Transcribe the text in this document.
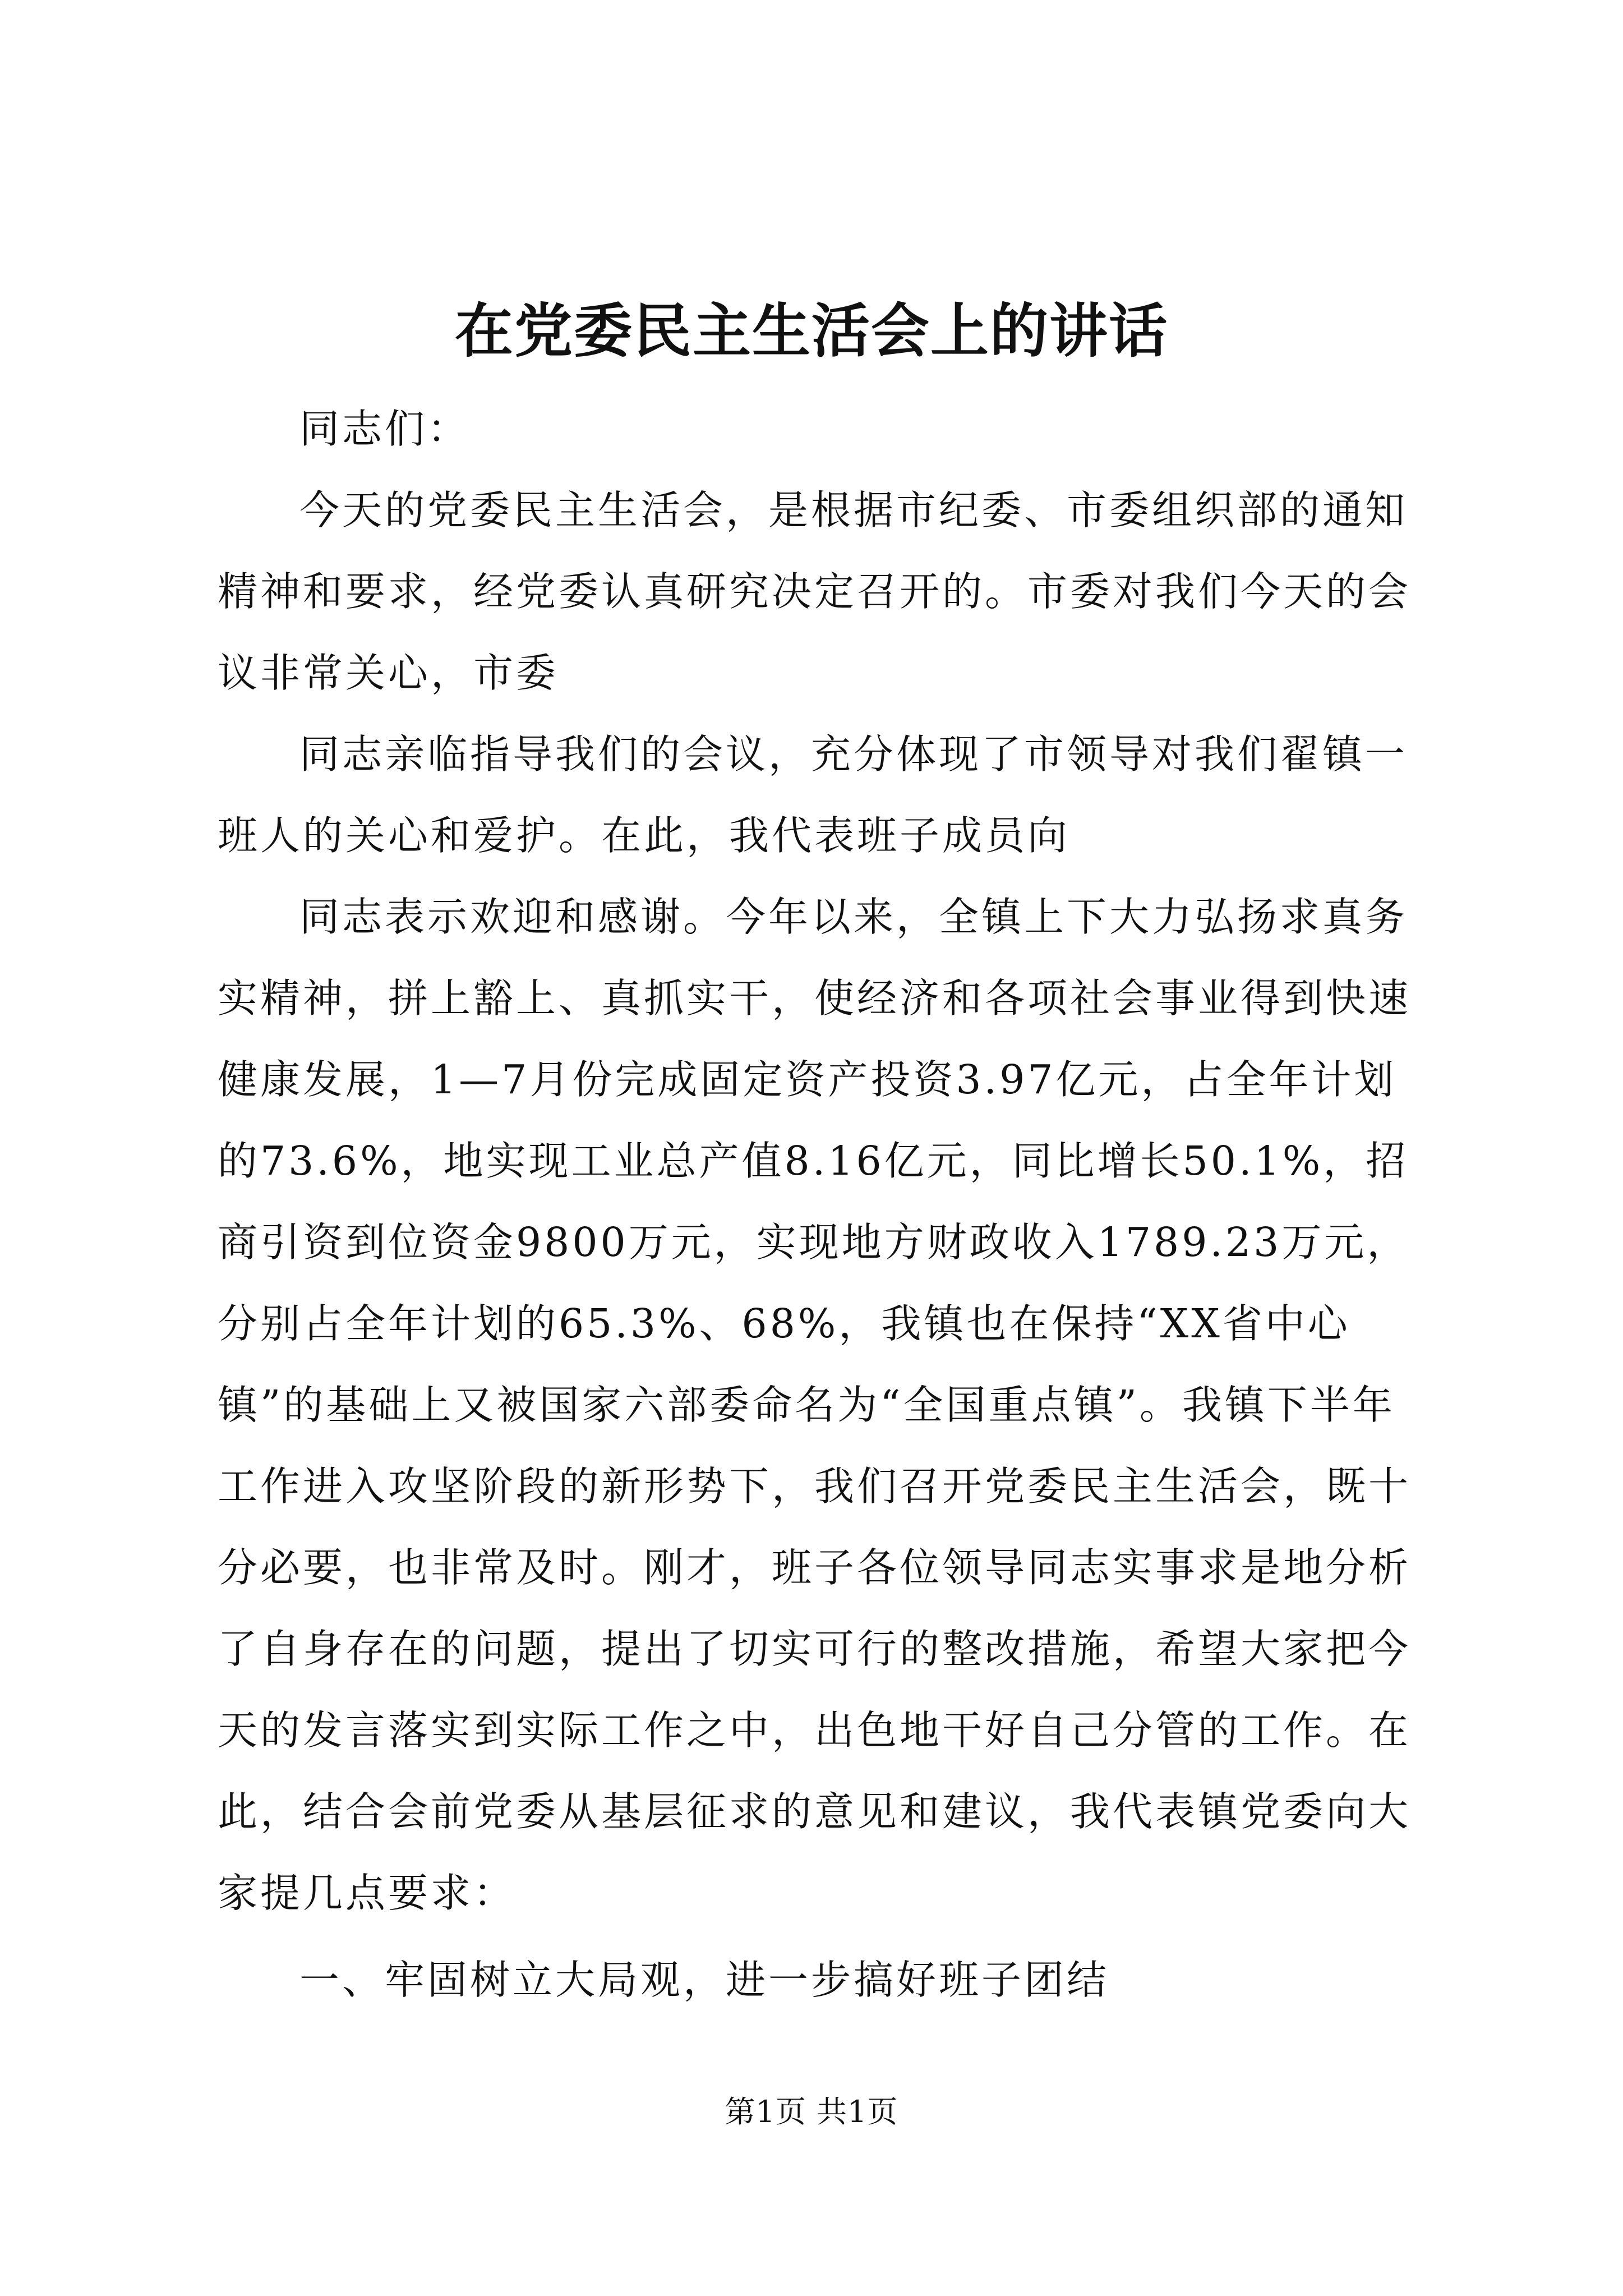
在党委民主生活会上的讲话

同志们：

今天的党委民主生活会，是根据市纪委、市委组织部的通知精神和要求，经党委认真研究决定召开的。市委对我们今天的会议非常关心，市委

同志亲临指导我们的会议，充分体现了市领导对我们翟镇一班人的关心和爱护。在此，我代表班子成员向

同志表示欢迎和感谢。今年以来，全镇上下大力弘扬求真务实精神，拼上豁上、真抓实干，使经济和各项社会事业得到快速健康发展，1—7月份完成固定资产投资3.97亿元，占全年计划的73.6%，地实现工业总产值8.16亿元，同比增长50.1%，招商引资到位资金9800万元，实现地方财政收入1789.23万元，分别占全年计划的65.3%、68%，我镇也在保持“XX省中心镇”的基础上又被国家六部委命名为“全国重点镇”。我镇下半年工作进入攻坚阶段的新形势下，我们召开党委民主生活会，既十分必要，也非常及时。刚才，班子各位领导同志实事求是地分析了自身存在的问题，提出了切实可行的整改措施，希望大家把今天的发言落实到实际工作之中，出色地干好自己分管的工作。在此，结合会前党委从基层征求的意见和建议，我代表镇党委向大家提几点要求：

一、牢固树立大局观，进一步搞好班子团结

第1页 共1页
